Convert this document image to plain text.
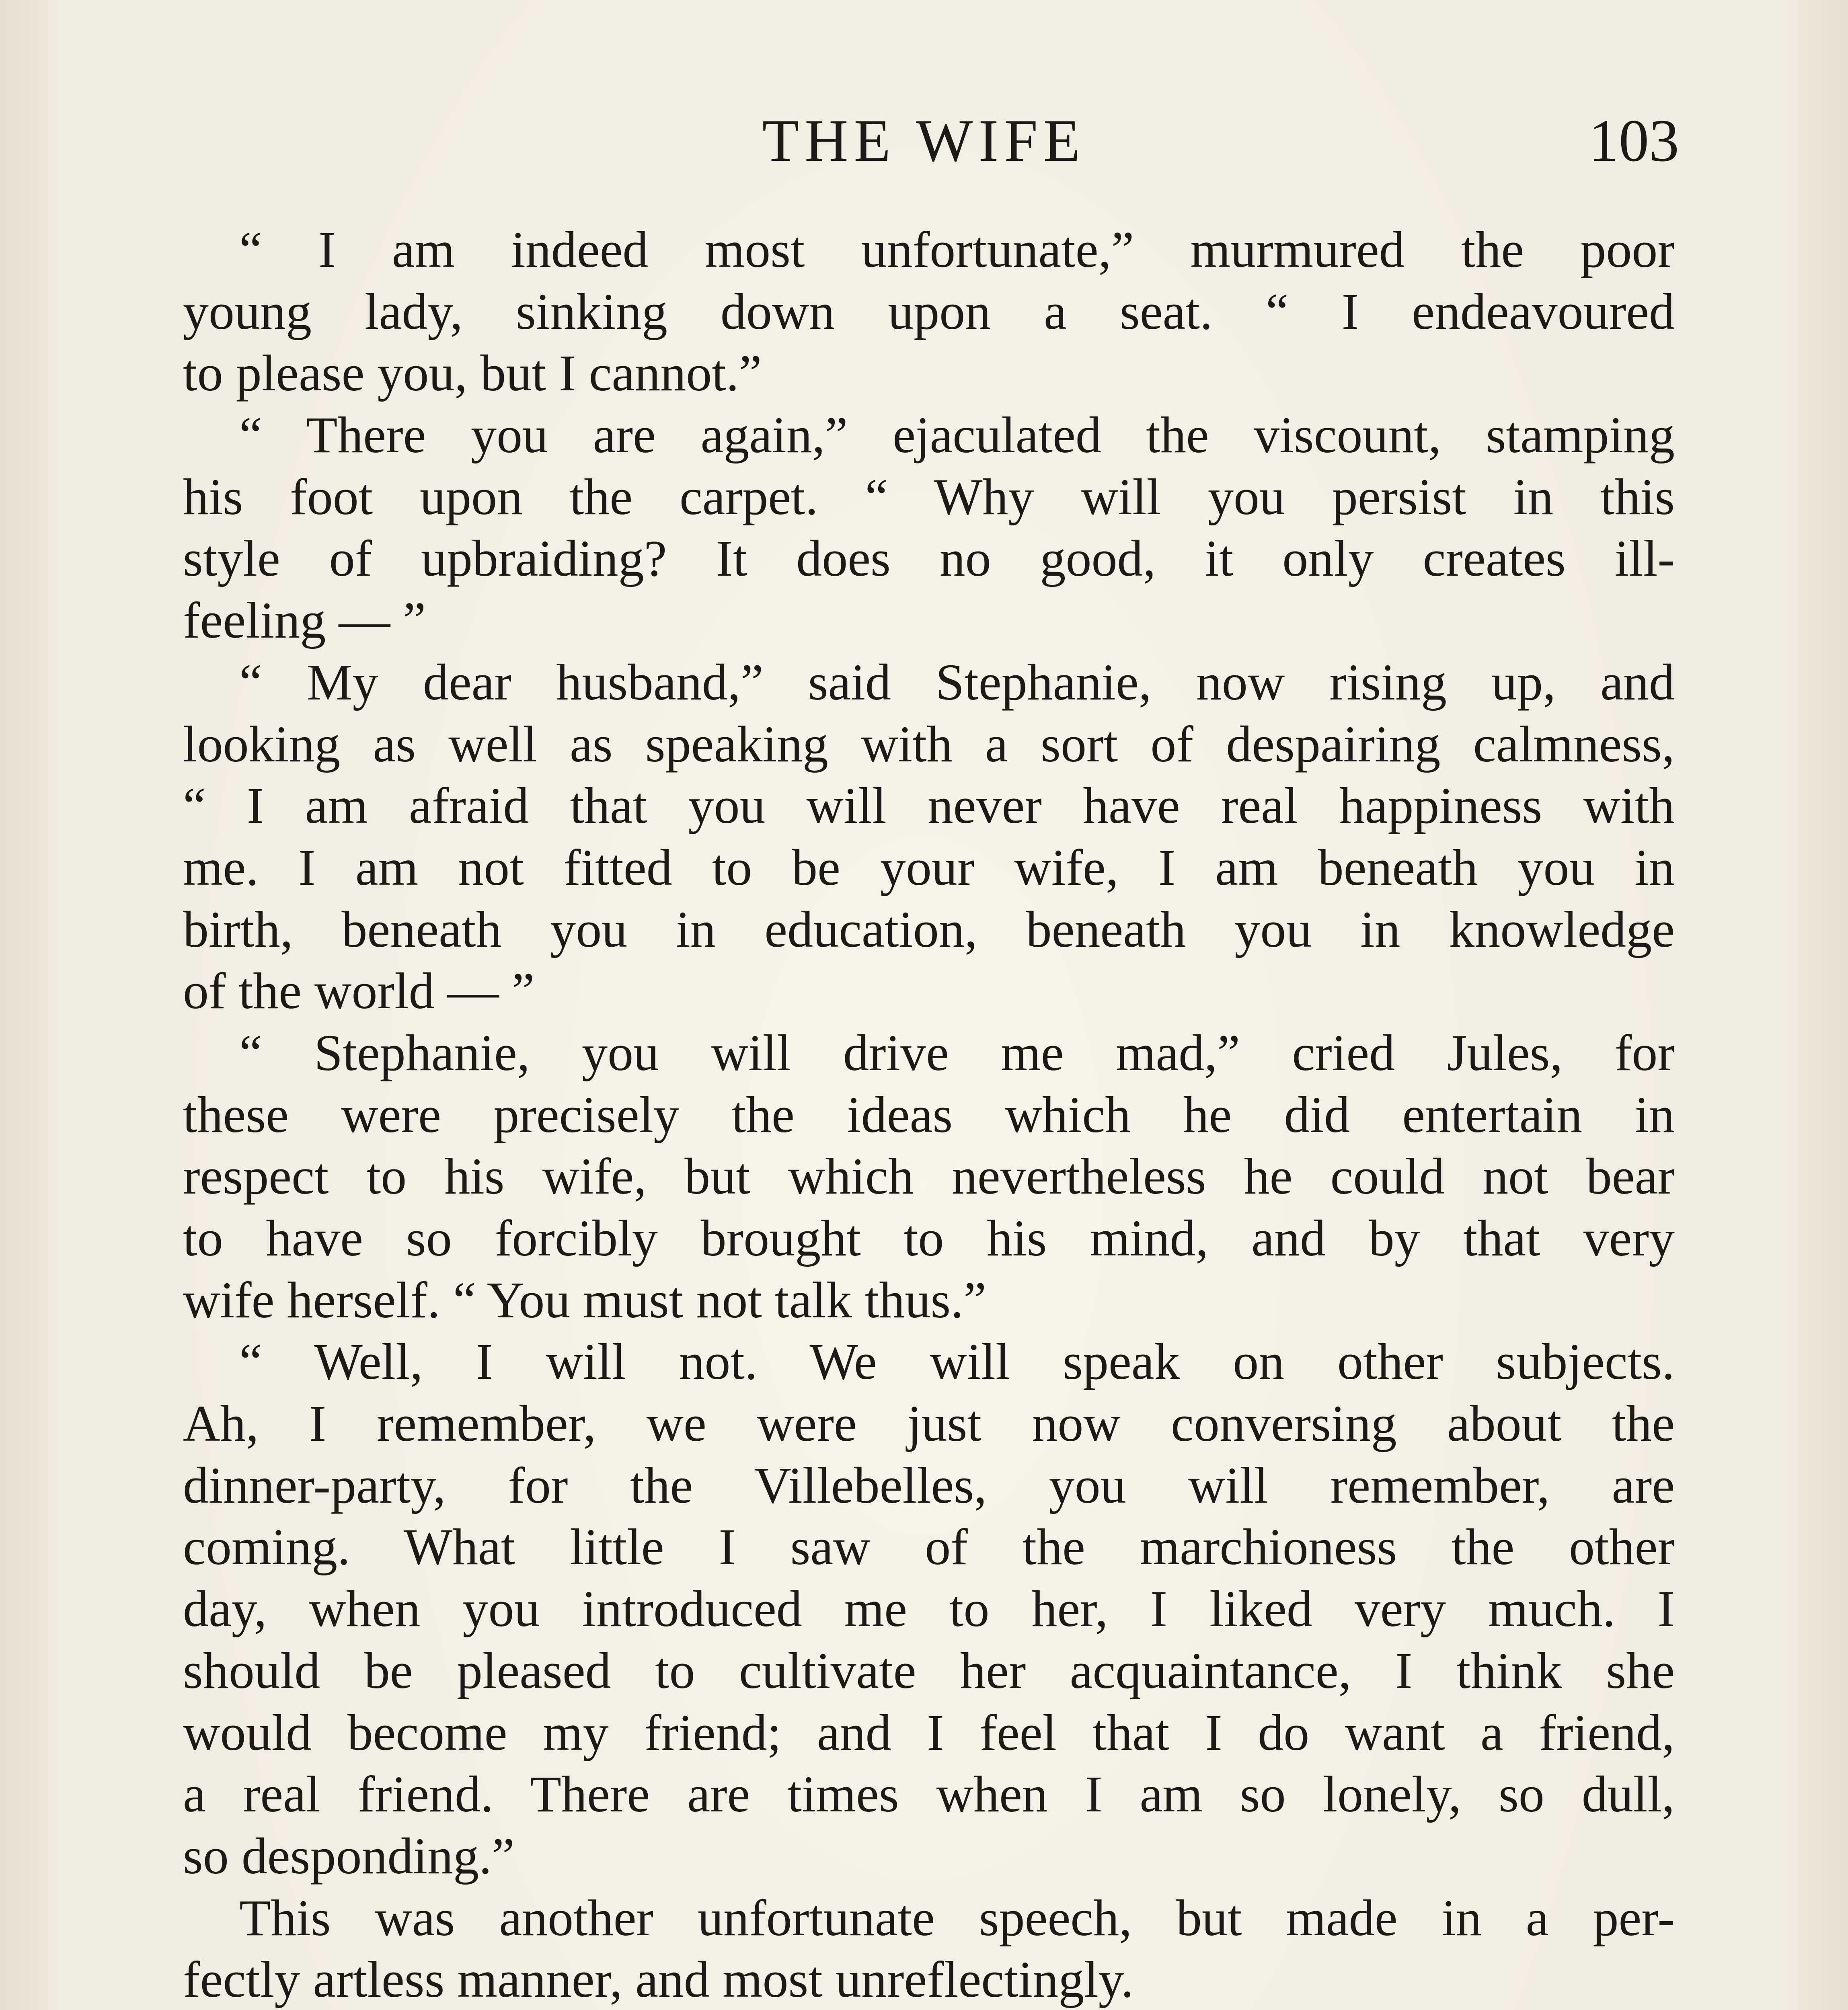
THE WIFE	103
“ I am indeed most unfortunate,” murmured the poor
young lady, sinking down upon a seat. “ I endeavoured
to please you, but I cannot.”
“ There you are again,” ejaculated the viscount, stamping
his foot upon the carpet. “ Why will you persist in this
style of upbraiding? It does no good, it only creates ill-
feeling — ”
“ My dear husband,” said Stephanie, now rising up, and
looking as well as speaking with a sort of despairing calmness,
“ I am afraid that you will never have real happiness with
me. I am not fitted to be your wife, I am beneath you in
birth, beneath you in education, beneath you in knowledge
of the world — ”
“ Stephanie, you will drive me mad,” cried Jules, for
these were precisely the ideas which he did entertain in
respect to his wife, but which nevertheless he could not bear
to have so forcibly brought to his mind, and by that very
wife herself. “ You must not talk thus.”
“ Well, I will not. We will speak on other subjects.
Ah, I remember, we were just now conversing about the
dinner-party, for the Villebelles, you will remember, are
coming. What little I saw of the marchioness the other
day, when you introduced me to her, I liked very much. I
should be pleased to cultivate her acquaintance, I think she
would become my friend; and I feel that I do want a friend,
a real friend. There are times when I am so lonely, so dull,
so desponding.”
This was another unfortunate speech, but made in a per-
fectly artless manner, and most unreflectingly.
